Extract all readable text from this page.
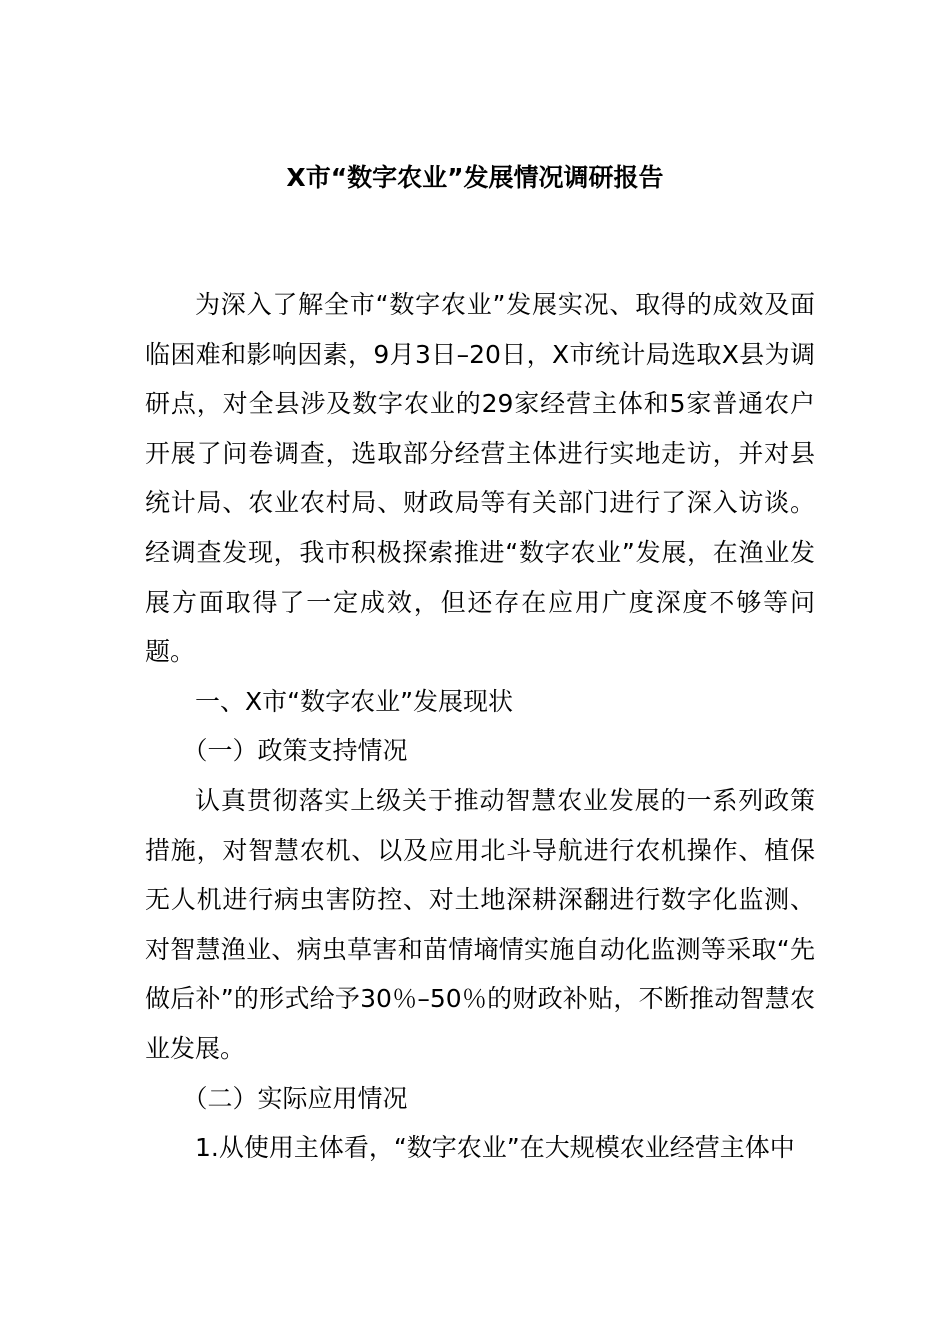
X市“数字农业”发展情况调研报告

为深入了解全市“数字农业”发展实况、取得的成效及面临困难和影响因素，9月3日–20日，X市统计局选取X县为调研点，对全县涉及数字农业的29家经营主体和5家普通农户开展了问卷调查，选取部分经营主体进行实地走访，并对县统计局、农业农村局、财政局等有关部门进行了深入访谈。经调查发现，我市积极探索推进“数字农业”发展，在渔业发展方面取得了一定成效，但还存在应用广度深度不够等问题。

一、X市“数字农业”发展现状

（一）政策支持情况

认真贯彻落实上级关于推动智慧农业发展的一系列政策措施，对智慧农机、以及应用北斗导航进行农机操作、植保无人机进行病虫害防控、对土地深耕深翻进行数字化监测、对智慧渔业、病虫草害和苗情墒情实施自动化监测等采取“先做后补”的形式给予30％–50％的财政补贴，不断推动智慧农业发展。

（二）实际应用情况

1.从使用主体看，“数字农业”在大规模农业经营主体中
